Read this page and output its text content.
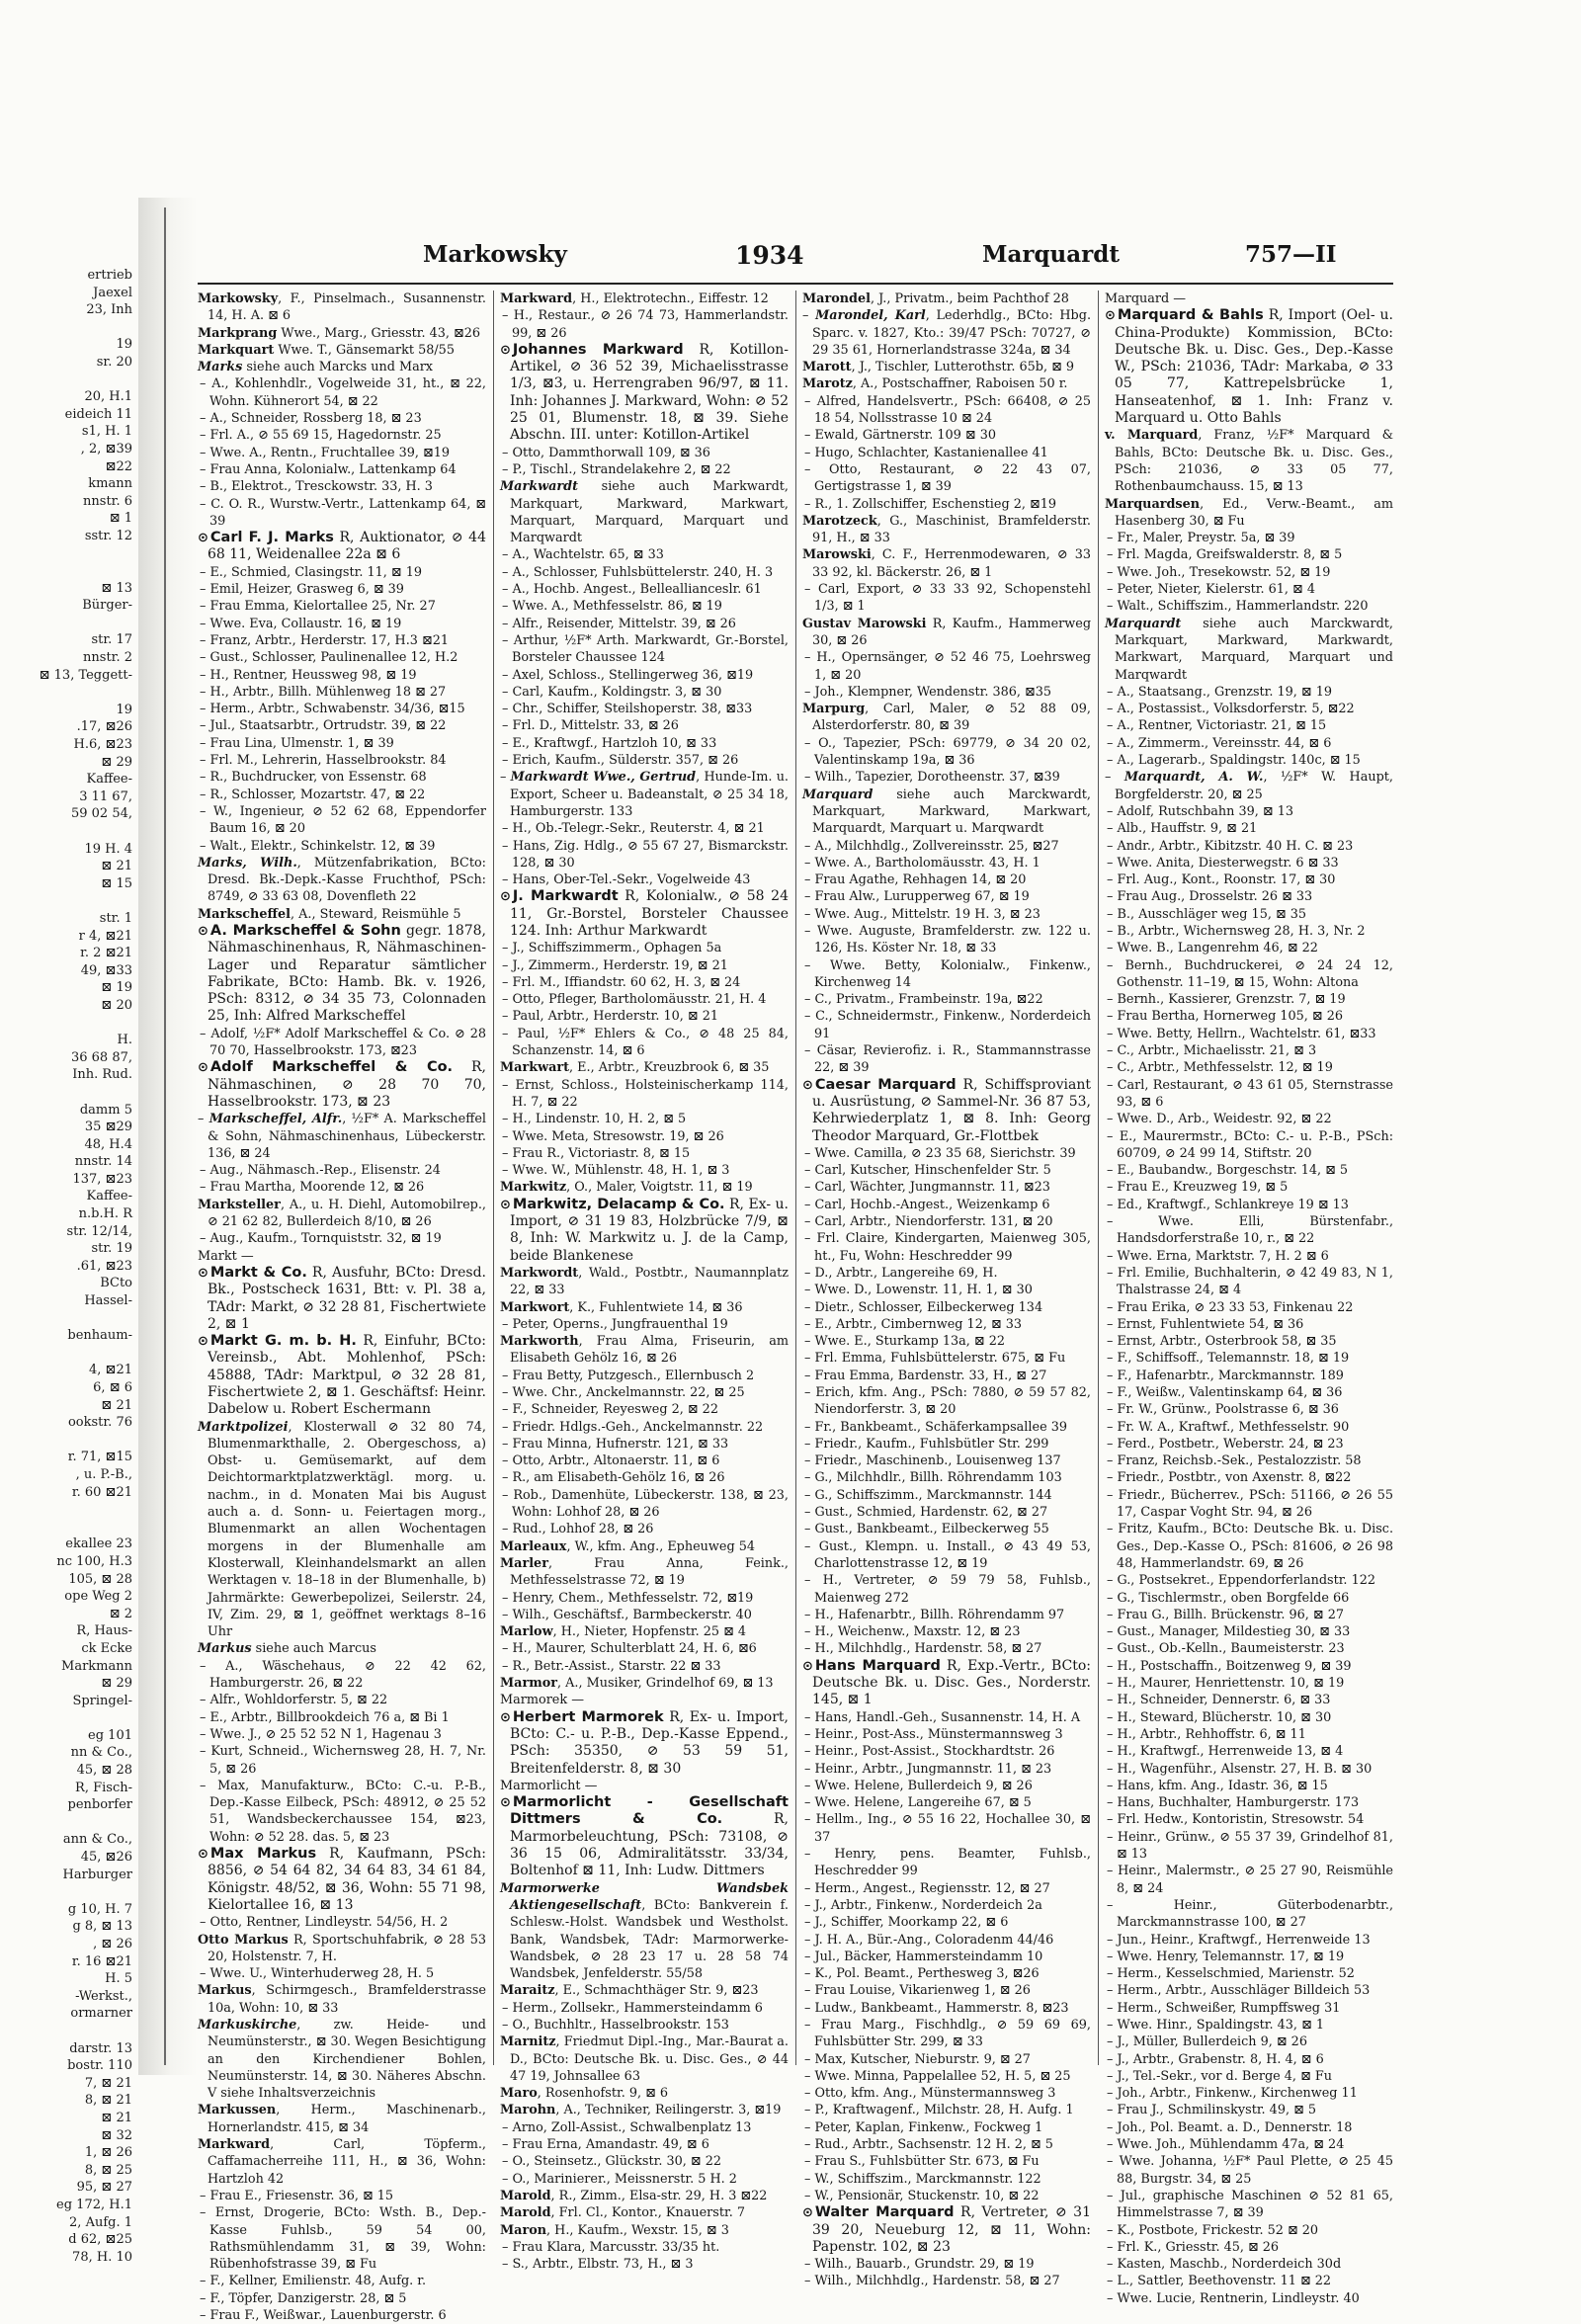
ertrieb
Jaexel
23, Inh

19
sr. 20

20, H.1
eideich 11
s1, H. 1
, 2, ⊠39
⊠22
kmann
nnstr. 6
⊠ 1
sstr. 12

⊠ 13
Bürger-

str. 17
nnstr. 2
⊠ 13, Teggett-

19
.17, ⊠26
H.6, ⊠23
⊠ 29
Kaffee-
3 11 67,
59 02 54,

19 H. 4
⊠ 21
⊠ 15

str. 1
r 4, ⊠21
r. 2 ⊠21
49, ⊠33
⊠ 19
⊠ 20

H.
36 68 87,
Inh. Rud.

damm 5
35 ⊠29
48, H.4
nnstr. 14
137, ⊠23
Kaffee-
n.b.H. R
str. 12/14,
str. 19
.61, ⊠23
BCto
Hassel-

benhaum-

4, ⊠21
6, ⊠ 6
⊠ 21
ookstr. 76

r. 71, ⊠15
, u. P.-B.,
r. 60 ⊠21

ekallee 23
nc 100, H.3
105, ⊠ 28
ope Weg 2
⊠ 2
R, Haus-
ck Ecke
Markmann
⊠ 29
Springel-

eg 101
nn & Co.,
45, ⊠ 28
R, Fisch-
penborfer

ann & Co.,
45, ⊠26
Harburger

g 10, H. 7
g 8, ⊠ 13
, ⊠ 26
r. 16 ⊠21
H. 5
-Werkst.,
ormarner

darstr. 13
bostr. 110
7, ⊠ 21
8, ⊠ 21
⊠ 21
⊠ 32
1, ⊠ 26
8, ⊠ 25
95, ⊠ 27
eg 172, H.1
2, Aufg. 1
d 62, ⊠25
78, H. 10
Markowsky	1934	Marquardt	757—II

Markowsky, F., Pinselmach., Susannenstr. 14, H. A. ⊠ 6

Markprang Wwe., Marg., Griesstr. 43, ⊠26

Markquart Wwe. T., Gänsemarkt 58/55

Marks siehe auch Marcks und Marx

– A., Kohlenhdlr., Vogelweide 31, ht., ⊠ 22, Wohn. Kühnerort 54, ⊠ 22

– A., Schneider, Rossberg 18, ⊠ 23

– Frl. A., ⊘ 55 69 15, Hagedornstr. 25

– Wwe. A., Rentn., Fruchtallee 39, ⊠19

– Frau Anna, Kolonialw., Lattenkamp 64

– B., Elektrot., Tresckowstr. 33, H. 3

– C. O. R., Wurstw.-Vertr., Lattenkamp 64, ⊠ 39

⊙ Carl F. J. Marks R, Auktionator, ⊘ 44 68 11, Weidenallee 22a ⊠ 6

– E., Schmied, Clasingstr. 11, ⊠ 19

– Emil, Heizer, Grasweg 6, ⊠ 39

– Frau Emma, Kielortallee 25, Nr. 27

– Wwe. Eva, Collaustr. 16, ⊠ 19

– Franz, Arbtr., Herderstr. 17, H.3 ⊠21

– Gust., Schlosser, Paulinenallee 12, H.2

– H., Rentner, Heussweg 98, ⊠ 19

– H., Arbtr., Billh. Mühlenweg 18 ⊠ 27

– Herm., Arbtr., Schwabenstr. 34/36, ⊠15

– Jul., Staatsarbtr., Ortrudstr. 39, ⊠ 22

– Frau Lina, Ulmenstr. 1, ⊠ 39

– Frl. M., Lehrerin, Hasselbrookstr. 84

– R., Buchdrucker, von Essenstr. 68

– R., Schlosser, Mozartstr. 47, ⊠ 22

– W., Ingenieur, ⊘ 52 62 68, Eppendorfer Baum 16, ⊠ 20

– Walt., Elektr., Schinkelstr. 12, ⊠ 39

Marks, Wilh., Mützenfabrikation, BCto: Dresd. Bk.-Depk.-Kasse Fruchthof, PSch: 8749, ⊘ 33 63 08, Dovenfleth 22

Markscheffel, A., Steward, Reismühle 5

⊙ A. Markscheffel & Sohn gegr. 1878, Nähmaschinenhaus, R, Nähmaschinen-Lager und Reparatur sämtlicher Fabrikate, BCto: Hamb. Bk. v. 1926, PSch: 8312, ⊘ 34 35 73, Colonnaden 25, Inh: Alfred Markscheffel

– Adolf, ½F* Adolf Markscheffel & Co. ⊘ 28 70 70, Hasselbrookstr. 173, ⊠23

⊙ Adolf Markscheffel & Co. R, Nähmaschinen, ⊘ 28 70 70, Hasselbrookstr. 173, ⊠ 23

– Markscheffel, Alfr., ½F* A. Markscheffel & Sohn, Nähmaschinenhaus, Lübeckerstr. 136, ⊠ 24

– Aug., Nähmasch.-Rep., Elisenstr. 24

– Frau Martha, Moorende 12, ⊠ 26

Marksteller, A., u. H. Diehl, Automobilrep., ⊘ 21 62 82, Bullerdeich 8/10, ⊠ 26

– Aug., Kaufm., Tornquiststr. 32, ⊠ 19

Markt —

⊙ Markt & Co. R, Ausfuhr, BCto: Dresd. Bk., Postscheck 1631, Btt: v. Pl. 38 a, TAdr: Markt, ⊘ 32 28 81, Fischertwiete 2, ⊠ 1

⊙ Markt G. m. b. H. R, Einfuhr, BCto: Vereinsb., Abt. Mohlenhof, PSch: 45888, TAdr: Marktpul, ⊘ 32 28 81, Fischertwiete 2, ⊠ 1. Geschäftsf: Heinr. Dabelow u. Robert Eschermann

Marktpolizei, Klosterwall ⊘ 32 80 74, Blumenmarkthalle, 2. Obergeschoss, a) Obst- u. Gemüsemarkt, auf dem Deichtormarktplatzwerktägl. morg. u. nachm., in d. Monaten Mai bis August auch a. d. Sonn- u. Feiertagen morg., Blumenmarkt an allen Wochentagen morgens in der Blumenhalle am Klosterwall, Kleinhandelsmarkt an allen Werktagen v. 18–18 in der Blumenhalle, b) Jahrmärkte: Gewerbepolizei, Seilerstr. 24, IV, Zim. 29, ⊠ 1, geöffnet werktags 8–16 Uhr

Markus siehe auch Marcus

– A., Wäschehaus, ⊘ 22 42 62, Hamburgerstr. 26, ⊠ 22

– Alfr., Wohldorferstr. 5, ⊠ 22

– E., Arbtr., Billbrookdeich 76 a, ⊠ Bi 1

– Wwe. J., ⊘ 25 52 52 N 1, Hagenau 3

– Kurt, Schneid., Wichernsweg 28, H. 7, Nr. 5, ⊠ 26

– Max, Manufakturw., BCto: C.-u. P.-B., Dep.-Kasse Eilbeck, PSch: 48912, ⊘ 25 52 51, Wandsbeckerchaussee 154, ⊠23, Wohn: ⊘ 52 28. das. 5, ⊠ 23

⊙ Max Markus R, Kaufmann, PSch: 8856, ⊘ 54 64 82, 34 64 83, 34 61 84, Königstr. 48/52, ⊠ 36, Wohn: 55 71 98, Kielortallee 16, ⊠ 13

– Otto, Rentner, Lindleystr. 54/56, H. 2

Otto Markus R, Sportschuhfabrik, ⊘ 28 53 20, Holstenstr. 7, H.

– Wwe. U., Winterhuderweg 28, H. 5

Markus, Schirmgesch., Bramfelderstrasse 10a, Wohn: 10, ⊠ 33

Markuskirche, zw. Heide- und Neumünsterstr., ⊠ 30. Wegen Besichtigung an den Kirchendiener Bohlen, Neumünsterstr. 14, ⊠ 30. Näheres Abschn. V siehe Inhaltsverzeichnis

Markussen, Herm., Maschinenarb., Hornerlandstr. 415, ⊠ 34

Markward, Carl, Töpferm., Caffamacherreihe 111, H., ⊠ 36, Wohn: Hartzloh 42

– Frau E., Friesenstr. 36, ⊠ 15

– Ernst, Drogerie, BCto: Wsth. B., Dep.-Kasse Fuhlsb., 59 54 00, Rathsmühlendamm 31, ⊠ 39, Wohn: Rübenhofstrasse 39, ⊠ Fu

– F., Kellner, Emilienstr. 48, Aufg. r.

– F., Töpfer, Danzigerstr. 28, ⊠ 5

– Frau F., Weißwar., Lauenburgerstr. 6

Markward, H., Elektrotechn., Eiffestr. 12

– H., Restaur., ⊘ 26 74 73, Hammerlandstr. 99, ⊠ 26

⊙ Johannes Markward R, Kotillon-Artikel, ⊘ 36 52 39, Michaelisstrasse 1/3, ⊠3, u. Herrengraben 96/97, ⊠ 11. Inh: Johannes J. Markward, Wohn: ⊘ 52 25 01, Blumenstr. 18, ⊠ 39. Siehe Abschn. III. unter: Kotillon-Artikel

– Otto, Dammthorwall 109, ⊠ 36

– P., Tischl., Strandelakehre 2, ⊠ 22

Markwardt siehe auch Markwardt, Markquart, Markward, Markwart, Marquart, Marquard, Marquart und Marqwardt

– A., Wachtelstr. 65, ⊠ 33

– A., Schlosser, Fuhlsbüttelerstr. 240, H. 3

– A., Hochb. Angest., Belleallianceslr. 61

– Wwe. A., Methfesselstr. 86, ⊠ 19

– Alfr., Reisender, Mittelstr. 39, ⊠ 26

– Arthur, ½F* Arth. Markwardt, Gr.-Borstel, Borsteler Chaussee 124

– Axel, Schloss., Stellingerweg 36, ⊠19

– Carl, Kaufm., Koldingstr. 3, ⊠ 30

– Chr., Schiffer, Steilshoperstr. 38, ⊠33

– Frl. D., Mittelstr. 33, ⊠ 26

– E., Kraftwgf., Hartzloh 10, ⊠ 33

– Erich, Kaufm., Sülderstr. 357, ⊠ 26

– Markwardt Wwe., Gertrud, Hunde-Im. u. Export, Scheer u. Badeanstalt, ⊘ 25 34 18, Hamburgerstr. 133

– H., Ob.-Telegr.-Sekr., Reuterstr. 4, ⊠ 21

– Hans, Zig. Hdlg., ⊘ 55 67 27, Bismarckstr. 128, ⊠ 30

– Hans, Ober-Tel.-Sekr., Vogelweide 43

⊙ J. Markwardt R, Kolonialw., ⊘ 58 24 11, Gr.-Borstel, Borsteler Chaussee 124. Inh: Arthur Markwardt

– J., Schiffszimmerm., Ophagen 5a

– J., Zimmerm., Herderstr. 19, ⊠ 21

– Frl. M., Iffiandstr. 60 62, H. 3, ⊠ 24

– Otto, Pfleger, Bartholomäusstr. 21, H. 4

– Paul, Arbtr., Herderstr. 10, ⊠ 21

– Paul, ½F* Ehlers & Co., ⊘ 48 25 84, Schanzenstr. 14, ⊠ 6

Markwart, E., Arbtr., Kreuzbrook 6, ⊠ 35

– Ernst, Schloss., Holsteinischerkamp 114, H. 7, ⊠ 22

– H., Lindenstr. 10, H. 2, ⊠ 5

– Wwe. Meta, Stresowstr. 19, ⊠ 26

– Frau R., Victoriastr. 8, ⊠ 15

– Wwe. W., Mühlenstr. 48, H. 1, ⊠ 3

Markwitz, O., Maler, Voigtstr. 11, ⊠ 19

⊙ Markwitz, Delacamp & Co. R, Ex- u. Import, ⊘ 31 19 83, Holzbrücke 7/9, ⊠ 8, Inh: W. Markwitz u. J. de la Camp, beide Blankenese

Markwordt, Wald., Postbtr., Naumannplatz 22, ⊠ 33

Markwort, K., Fuhlentwiete 14, ⊠ 36

– Peter, Operns., Jungfrauenthal 19

Markworth, Frau Alma, Friseurin, am Elisabeth Gehölz 16, ⊠ 26

– Frau Betty, Putzgesch., Ellernbusch 2

– Wwe. Chr., Anckelmannstr. 22, ⊠ 25

– F., Schneider, Reyesweg 2, ⊠ 22

– Friedr. Hdlgs.-Geh., Anckelmannstr. 22

– Frau Minna, Hufnerstr. 121, ⊠ 33

– Otto, Arbtr., Altonaerstr. 11, ⊠ 6

– R., am Elisabeth-Gehölz 16, ⊠ 26

– Rob., Damenhüte, Lübeckerstr. 138, ⊠ 23, Wohn: Lohhof 28, ⊠ 26

– Rud., Lohhof 28, ⊠ 26

Marleaux, W., kfm. Ang., Epheuweg 54

Marler, Frau Anna, Feink., Methfesselstrasse 72, ⊠ 19

– Henry, Chem., Methfesselstr. 72, ⊠19

– Wilh., Geschäftsf., Barmbeckerstr. 40

Marlow, H., Nieter, Hopfenstr. 25 ⊠ 4

– H., Maurer, Schulterblatt 24, H. 6, ⊠6

– R., Betr.-Assist., Starstr. 22 ⊠ 33

Marmor, A., Musiker, Grindelhof 69, ⊠ 13

Marmorek —

⊙ Herbert Marmorek R, Ex- u. Import, BCto: C.- u. P.-B., Dep.-Kasse Eppend., PSch: 35350, ⊘ 53 59 51, Breitenfelderstr. 8, ⊠ 30

Marmorlicht —

⊙ Marmorlicht - Gesellschaft Dittmers & Co. R, Marmorbeleuchtung, PSch: 73108, ⊘ 36 15 06, Admiralitätsstr. 33/34, Boltenhof ⊠ 11, Inh: Ludw. Dittmers

Marmorwerke Wandsbek Aktiengesellschaft, BCto: Bankverein f. Schlesw.-Holst. Wandsbek und Westholst. Bank, Wandsbek, TAdr: Marmorwerke-Wandsbek, ⊘ 28 23 17 u. 28 58 74 Wandsbek, Jenfelderstr. 55/58

Maraitz, E., Schmachthäger Str. 9, ⊠23

– Herm., Zollsekr., Hammersteindamm 6

– O., Buchhltr., Hasselbrookstr. 153

Marnitz, Friedmut Dipl.-Ing., Mar.-Baurat a. D., BCto: Deutsche Bk. u. Disc. Ges., ⊘ 44 47 19, Johnsallee 63

Maro, Rosenhofstr. 9, ⊠ 6

Marohn, A., Techniker, Reilingerstr. 3, ⊠19

– Arno, Zoll-Assist., Schwalbenplatz 13

– Frau Erna, Amandastr. 49, ⊠ 6

– O., Steinsetz., Glückstr. 30, ⊠ 22

– O., Marinierer., Meissnerstr. 5 H. 2

Marold, R., Zimm., Elsa-str. 29, H. 3 ⊠22

Marold, Frl. Cl., Kontor., Knauerstr. 7

Maron, H., Kaufm., Wexstr. 15, ⊠ 3

– Frau Klara, Marcusstr. 33/35 ht.

– S., Arbtr., Elbstr. 73, H., ⊠ 3

Marondel, J., Privatm., beim Pachthof 28

– Marondel, Karl, Lederhdlg., BCto: Hbg. Sparc. v. 1827, Kto.: 39/47 PSch: 70727, ⊘ 29 35 61, Hornerlandstrasse 324a, ⊠ 34

Marott, J., Tischler, Lutterothstr. 65b, ⊠ 9

Marotz, A., Postschaffner, Raboisen 50 r.

– Alfred, Handelsvertr., PSch: 66408, ⊘ 25 18 54, Nollsstrasse 10 ⊠ 24

– Ewald, Gärtnerstr. 109 ⊠ 30

– Hugo, Schlachter, Kastanienallee 41

– Otto, Restaurant, ⊘ 22 43 07, Gertigstrasse 1, ⊠ 39

– R., 1. Zollschiffer, Eschenstieg 2, ⊠19

Marotzeck, G., Maschinist, Bramfelderstr. 91, H., ⊠ 33

Marowski, C. F., Herrenmodewaren, ⊘ 33 33 92, kl. Bäckerstr. 26, ⊠ 1

– Carl, Export, ⊘ 33 33 92, Schopenstehl 1/3, ⊠ 1

Gustav Marowski R, Kaufm., Hammerweg 30, ⊠ 26

– H., Opernsänger, ⊘ 52 46 75, Loehrsweg 1, ⊠ 20

– Joh., Klempner, Wendenstr. 386, ⊠35

Marpurg, Carl, Maler, ⊘ 52 88 09, Alsterdorferstr. 80, ⊠ 39

– O., Tapezier, PSch: 69779, ⊘ 34 20 02, Valentinskamp 19a, ⊠ 36

– Wilh., Tapezier, Dorotheenstr. 37, ⊠39

Marquard siehe auch Marckwardt, Markquart, Markward, Markwart, Marquardt, Marquart u. Marqwardt

– A., Milchhdlg., Zollvereinsstr. 25, ⊠27

– Wwe. A., Bartholomäusstr. 43, H. 1

– Frau Agathe, Rehhagen 14, ⊠ 20

– Frau Alw., Lurupperweg 67, ⊠ 19

– Wwe. Aug., Mittelstr. 19 H. 3, ⊠ 23

– Wwe. Auguste, Bramfelderstr. zw. 122 u. 126, Hs. Köster Nr. 18, ⊠ 33

– Wwe. Betty, Kolonialw., Finkenw., Kirchenweg 14

– C., Privatm., Frambeinstr. 19a, ⊠22

– C., Schneidermstr., Finkenw., Norderdeich 91

– Cäsar, Revierofiz. i. R., Stammannstrasse 22, ⊠ 39

⊙ Caesar Marquard R, Schiffsproviant u. Ausrüstung, ⊘ Sammel-Nr. 36 87 53, Kehrwiederplatz 1, ⊠ 8. Inh: Georg Theodor Marquard, Gr.-Flottbek

– Wwe. Camilla, ⊘ 23 35 68, Sierichstr. 39

– Carl, Kutscher, Hinschenfelder Str. 5

– Carl, Wächter, Jungmannstr. 11, ⊠23

– Carl, Hochb.-Angest., Weizenkamp 6

– Carl, Arbtr., Niendorferstr. 131, ⊠ 20

– Frl. Claire, Kindergarten, Maienweg 305, ht., Fu, Wohn: Heschredder 99

– D., Arbtr., Langereihe 69, H.

– Wwe. D., Lowenstr. 11, H. 1, ⊠ 30

– Dietr., Schlosser, Eilbeckerweg 134

– E., Arbtr., Cimbernweg 12, ⊠ 33

– Wwe. E., Sturkamp 13a, ⊠ 22

– Frl. Emma, Fuhlsbüttelerstr. 675, ⊠ Fu

– Frau Emma, Bardenstr. 33, H., ⊠ 27

– Erich, kfm. Ang., PSch: 7880, ⊘ 59 57 82, Niendorferstr. 3, ⊠ 20

– Fr., Bankbeamt., Schäferkampsallee 39

– Friedr., Kaufm., Fuhlsbütler Str. 299

– Friedr., Maschinenb., Louisenweg 137

– G., Milchhdlr., Billh. Röhrendamm 103

– G., Schiffszimm., Marckmannstr. 144

– Gust., Schmied, Hardenstr. 62, ⊠ 27

– Gust., Bankbeamt., Eilbeckerweg 55

– Gust., Klempn. u. Install., ⊘ 43 49 53, Charlottenstrasse 12, ⊠ 19

– H., Vertreter, ⊘ 59 79 58, Fuhlsb., Maienweg 272

– H., Hafenarbtr., Billh. Röhrendamm 97

– H., Weichenw., Maxstr. 12, ⊠ 23

– H., Milchhdlg., Hardenstr. 58, ⊠ 27

⊙ Hans Marquard R, Exp.-Vertr., BCto: Deutsche Bk. u. Disc. Ges., Norderstr. 145, ⊠ 1

– Hans, Handl.-Geh., Susannenstr. 14, H. A

– Heinr., Post-Ass., Münstermannsweg 3

– Heinr., Post-Assist., Stockhardtstr. 26

– Heinr., Arbtr., Jungmannstr. 11, ⊠ 23

– Wwe. Helene, Bullerdeich 9, ⊠ 26

– Wwe. Helene, Langereihe 67, ⊠ 5

– Hellm., Ing., ⊘ 55 16 22, Hochallee 30, ⊠ 37

– Henry, pens. Beamter, Fuhlsb., Heschredder 99

– Herm., Angest., Regiensstr. 12, ⊠ 27

– J., Arbtr., Finkenw., Norderdeich 2a

– J., Schiffer, Moorkamp 22, ⊠ 6

– J. H. A., Bür.-Ang., Coloradenm 44/46

– Jul., Bäcker, Hammersteindamm 10

– K., Pol. Beamt., Perthesweg 3, ⊠26

– Frau Louise, Vikarienweg 1, ⊠ 26

– Ludw., Bankbeamt., Hammerstr. 8, ⊠23

– Frau Marg., Fischhdlg., ⊘ 59 69 69, Fuhlsbütter Str. 299, ⊠ 33

– Max, Kutscher, Nieburstr. 9, ⊠ 27

– Wwe. Minna, Pappelallee 52, H. 5, ⊠ 25

– Otto, kfm. Ang., Münstermannsweg 3

– P., Kraftwagenf., Milchstr. 28, H. Aufg. 1

– Peter, Kaplan, Finkenw., Fockweg 1

– Rud., Arbtr., Sachsenstr. 12 H. 2, ⊠ 5

– Frau S., Fuhlsbütter Str. 673, ⊠ Fu

– W., Schiffszim., Marckmannstr. 122

– W., Pensionär, Stuckenstr. 10, ⊠ 22

⊙ Walter Marquard R, Vertreter, ⊘ 31 39 20, Neueburg 12, ⊠ 11, Wohn: Papenstr. 102, ⊠ 23

– Wilh., Bauarb., Grundstr. 29, ⊠ 19

– Wilh., Milchhdlg., Hardenstr. 58, ⊠ 27

Marquard —

⊙ Marquard & Bahls R, Import (Oel- u. China-Produkte) Kommission, BCto: Deutsche Bk. u. Disc. Ges., Dep.-Kasse W., PSch: 21036, TAdr: Markaba, ⊘ 33 05 77, Kattrepelsbrücke 1, Hanseatenhof, ⊠ 1. Inh: Franz v. Marquard u. Otto Bahls

v. Marquard, Franz, ½F* Marquard & Bahls, BCto: Deutsche Bk. u. Disc. Ges., PSch: 21036, ⊘ 33 05 77, Rothenbaumchauss. 15, ⊠ 13

Marquardsen, Ed., Verw.-Beamt., am Hasenberg 30, ⊠ Fu

– Fr., Maler, Preystr. 5a, ⊠ 39

– Frl. Magda, Greifswalderstr. 8, ⊠ 5

– Wwe. Joh., Tresekowstr. 52, ⊠ 19

– Peter, Nieter, Kielerstr. 61, ⊠ 4

– Walt., Schiffszim., Hammerlandstr. 220

Marquardt siehe auch Marckwardt, Markquart, Markward, Markwardt, Markwart, Marquard, Marquart und Marqwardt

– A., Staatsang., Grenzstr. 19, ⊠ 19

– A., Postassist., Volksdorferstr. 5, ⊠22

– A., Rentner, Victoriastr. 21, ⊠ 15

– A., Zimmerm., Vereinsstr. 44, ⊠ 6

– A., Lagerarb., Spaldingstr. 140c, ⊠ 15

– Marquardt, A. W., ½F* W. Haupt, Borgfelderstr. 20, ⊠ 25

– Adolf, Rutschbahn 39, ⊠ 13

– Alb., Hauffstr. 9, ⊠ 21

– Andr., Arbtr., Kibitzstr. 40 H. C. ⊠ 23

– Wwe. Anita, Diesterwegstr. 6 ⊠ 33

– Frl. Aug., Kont., Roonstr. 17, ⊠ 30

– Frau Aug., Drosselstr. 26 ⊠ 33

– B., Ausschläger weg 15, ⊠ 35

– B., Arbtr., Wichernsweg 28, H. 3, Nr. 2

– Wwe. B., Langenrehm 46, ⊠ 22

– Bernh., Buchdruckerei, ⊘ 24 24 12, Gothenstr. 11–19, ⊠ 15, Wohn: Altona

– Bernh., Kassierer, Grenzstr. 7, ⊠ 19

– Frau Bertha, Hornerweg 105, ⊠ 26

– Wwe. Betty, Hellrn., Wachtelstr. 61, ⊠33

– C., Arbtr., Michaelisstr. 21, ⊠ 3

– C., Arbtr., Methfesselstr. 12, ⊠ 19

– Carl, Restaurant, ⊘ 43 61 05, Sternstrasse 93, ⊠ 6

– Wwe. D., Arb., Weidestr. 92, ⊠ 22

– E., Maurermstr., BCto: C.- u. P.-B., PSch: 60709, ⊘ 24 99 14, Stiftstr. 20

– E., Baubandw., Borgeschstr. 14, ⊠ 5

– Frau E., Kreuzweg 19, ⊠ 5

– Ed., Kraftwgf., Schlankreye 19 ⊠ 13

– Wwe. Elli, Bürstenfabr., Handsdorferstraße 10, r., ⊠ 22

– Wwe. Erna, Marktstr. 7, H. 2 ⊠ 6

– Frl. Emilie, Buchhalterin, ⊘ 42 49 83, N 1, Thalstrasse 24, ⊠ 4

– Frau Erika, ⊘ 23 33 53, Finkenau 22

– Ernst, Fuhlentwiete 54, ⊠ 36

– Ernst, Arbtr., Osterbrook 58, ⊠ 35

– F., Schiffsoff., Telemannstr. 18, ⊠ 19

– F., Hafenarbtr., Marckmannstr. 189

– F., Weißw., Valentinskamp 64, ⊠ 36

– Fr. W., Grünw., Poolstrasse 6, ⊠ 36

– Fr. W. A., Kraftwf., Methfesselstr. 90

– Ferd., Postbetr., Weberstr. 24, ⊠ 23

– Franz, Reichsb.-Sek., Pestalozzistr. 58

– Friedr., Postbtr., von Axenstr. 8, ⊠22

– Friedr., Bücherrev., PSch: 51166, ⊘ 26 55 17, Caspar Voght Str. 94, ⊠ 26

– Fritz, Kaufm., BCto: Deutsche Bk. u. Disc. Ges., Dep.-Kasse O., PSch: 81606, ⊘ 26 98 48, Hammerlandstr. 69, ⊠ 26

– G., Postsekret., Eppendorferlandstr. 122

– G., Tischlermstr., oben Borgfelde 66

– Frau G., Billh. Brückenstr. 96, ⊠ 27

– Gust., Manager, Mildestieg 30, ⊠ 33

– Gust., Ob.-Kelln., Baumeisterstr. 23

– H., Postschaffn., Boitzenweg 9, ⊠ 39

– H., Maurer, Henriettenstr. 10, ⊠ 19

– H., Schneider, Dennerstr. 6, ⊠ 33

– H., Steward, Blücherstr. 10, ⊠ 30

– H., Arbtr., Rehhoffstr. 6, ⊠ 11

– H., Kraftwgf., Herrenweide 13, ⊠ 4

– H., Wagenführ., Alsenstr. 27, H. B. ⊠ 30

– Hans, kfm. Ang., Idastr. 36, ⊠ 15

– Hans, Buchhalter, Hamburgerstr. 173

– Frl. Hedw., Kontoristin, Stresowstr. 54

– Heinr., Grünw., ⊘ 55 37 39, Grindelhof 81, ⊠ 13

– Heinr., Malermstr., ⊘ 25 27 90, Reismühle 8, ⊠ 24

– Heinr., Güterbodenarbtr., Marckmannstrasse 100, ⊠ 27

– Jun., Heinr., Kraftwgf., Herrenweide 13

– Wwe. Henry, Telemannstr. 17, ⊠ 19

– Herm., Kesselschmied, Marienstr. 52

– Herm., Arbtr., Ausschläger Billdeich 53

– Herm., Schweißer, Rumpffsweg 31

– Wwe. Hinr., Spaldingstr. 43, ⊠ 1

– J., Müller, Bullerdeich 9, ⊠ 26

– J., Arbtr., Grabenstr. 8, H. 4, ⊠ 6

– J., Tel.-Sekr., vor d. Berge 4, ⊠ Fu

– Joh., Arbtr., Finkenw., Kirchenweg 11

– Frau J., Schmilinskystr. 49, ⊠ 5

– Joh., Pol. Beamt. a. D., Dennerstr. 18

– Wwe. Joh., Mühlendamm 47a, ⊠ 24

– Wwe. Johanna, ½F* Paul Plette, ⊘ 25 45 88, Burgstr. 34, ⊠ 25

– Jul., graphische Maschinen ⊘ 52 81 65, Himmelstrasse 7, ⊠ 39

– K., Postbote, Frickestr. 52 ⊠ 20

– Frl. K., Griesstr. 45, ⊠ 26

– Kasten, Maschb., Norderdeich 30d

– L., Sattler, Beethovenstr. 11 ⊠ 22

– Wwe. Lucie, Rentnerin, Lindleystr. 40
